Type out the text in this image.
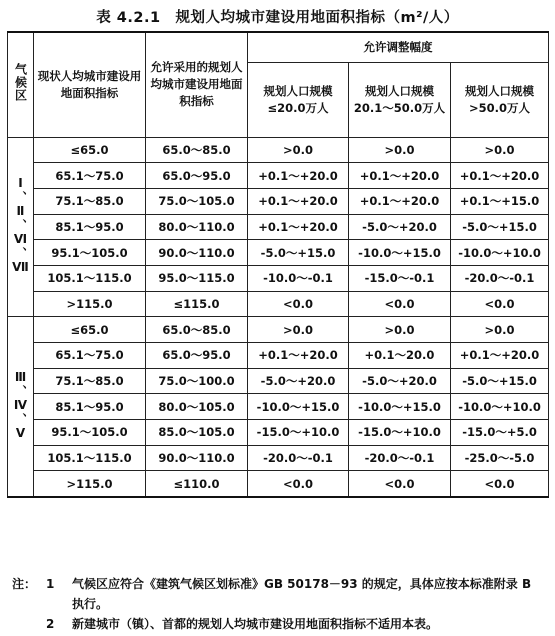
表 4.2.1　规划人均城市建设用地面积指标（m²/人）
气候区	现状人均城市建设用地面积指标	允许采用的规划人均城市建设用地面积指标	允许调整幅度		
			规划人口规模≤20.0万人	规划人口规模20.1～50.0万人	规划人口规模>50.0万人
Ⅰ、Ⅱ、Ⅵ、Ⅶ	≤65.0	65.0～85.0	>0.0	>0.0	>0.0
	65.1～75.0	65.0～95.0	+0.1～+20.0	+0.1～+20.0	+0.1～+20.0
	75.1～85.0	75.0～105.0	+0.1～+20.0	+0.1～+20.0	+0.1～+15.0
	85.1～95.0	80.0～110.0	+0.1～+20.0	-5.0～+20.0	-5.0～+15.0
	95.1～105.0	90.0～110.0	-5.0～+15.0	-10.0～+15.0	-10.0～+10.0
	105.1～115.0	95.0～115.0	-10.0～-0.1	-15.0～-0.1	-20.0～-0.1
	>115.0	≤115.0	<0.0	<0.0	<0.0
Ⅲ、Ⅳ、Ⅴ	≤65.0	65.0～85.0	>0.0	>0.0	>0.0
	65.1～75.0	65.0～95.0	+0.1～+20.0	+0.1～20.0	+0.1～+20.0
	75.1～85.0	75.0～100.0	-5.0～+20.0	-5.0～+20.0	-5.0～+15.0
	85.1～95.0	80.0～105.0	-10.0～+15.0	-10.0～+15.0	-10.0～+10.0
	95.1～105.0	85.0～105.0	-15.0～+10.0	-15.0～+10.0	-15.0～+5.0
	105.1～115.0	90.0～110.0	-20.0～-0.1	-20.0～-0.1	-25.0～-5.0
	>115.0	≤110.0	<0.0	<0.0	<0.0
注： 1	气候区应符合《建筑气候区划标准》GB 50178－93 的规定，具体应按本标准附录 B 执行。
2	新建城市（镇）、首都的规划人均城市建设用地面积指标不适用本表。
